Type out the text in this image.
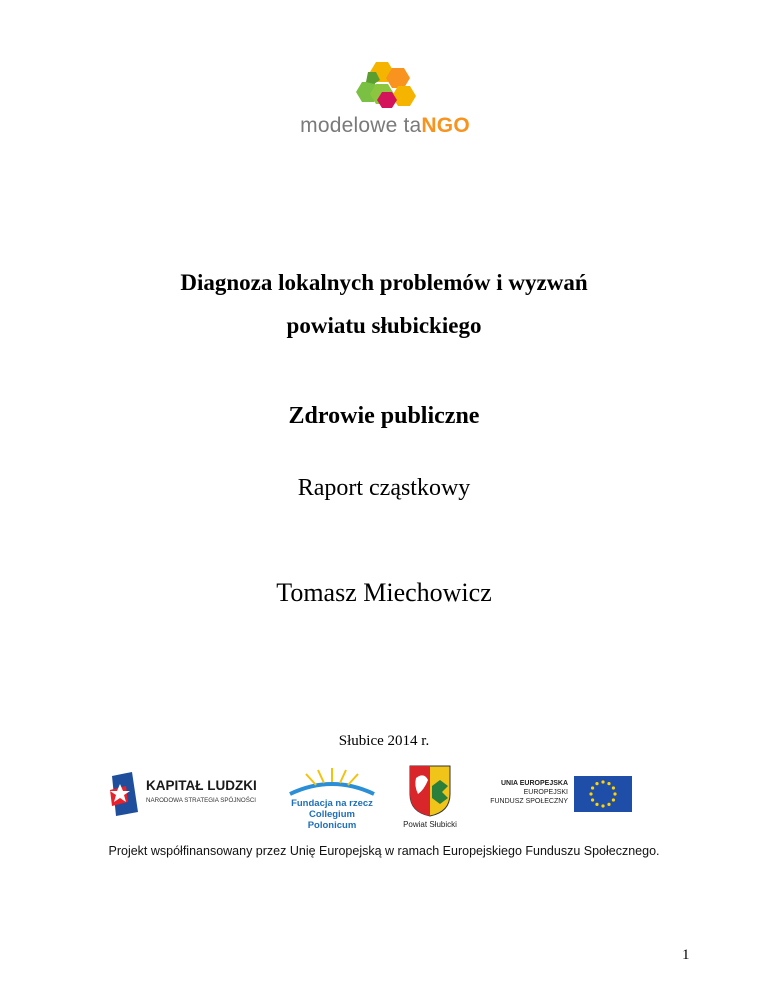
modelowe taNGO
Diagnoza lokalnych problemów i wyzwań
powiatu słubickiego
Zdrowie publiczne
Raport cząstkowy
Tomasz Miechowicz
Słubice 2014 r.
KAPITAŁ LUDZKI
NARODOWA STRATEGIA SPÓJNOŚCI	Fundacja na rzecz
Collegium Polonicum	Powiat Słubicki
UNIA EUROPEJSKA
EUROPEJSKI
FUNDUSZ SPOŁECZNY
Projekt współfinansowany przez Unię Europejską w ramach Europejskiego Funduszu Społecznego.
1
